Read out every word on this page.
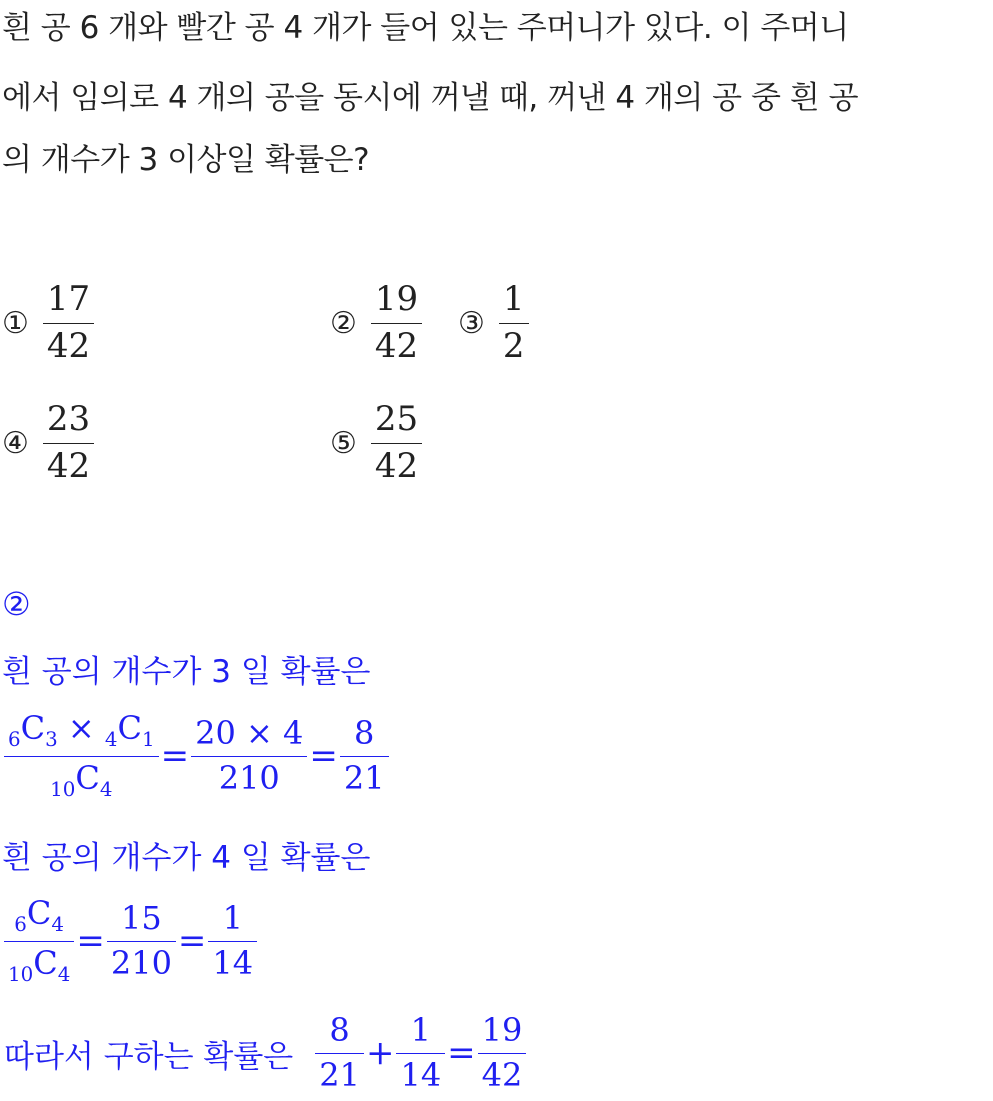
흰 공 6 개와 빨간 공 4 개가 들어 있는 주머니가 있다. 이 주머니
에서 임의로 4 개의 공을 동시에 꺼낼 때, 꺼낸 4 개의 공 중 흰 공
의 개수가 3 이상일 확률은?
① $\frac{17}{42}$	② $\frac{19}{42}$ ③ $\frac{1}{2}$
④ $\frac{23}{42}$	⑤ $\frac{25}{42}$
②
흰 공의 개수가 3 일 확률은
$\frac{_6C_3 \times _4C_1}{_{10}C_4} = \frac{20 \times 4}{210} = \frac{8}{21}$
흰 공의 개수가 4 일 확률은
$\frac{_6C_4}{_{10}C_4} = \frac{15}{210} = \frac{1}{14}$
따라서 구하는 확률은 $\frac{8}{21} + \frac{1}{14} = \frac{19}{42}$
